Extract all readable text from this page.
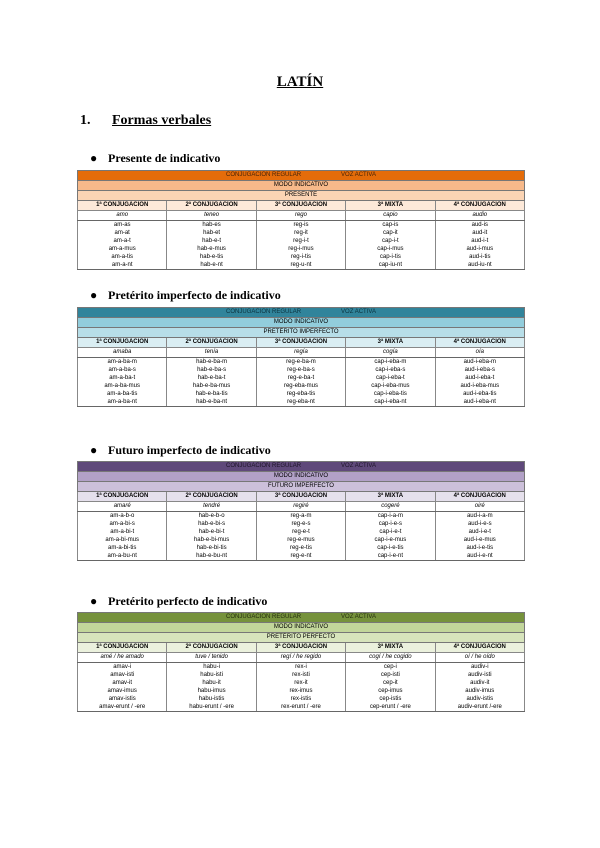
LATÍN
1. Formas verbales
● Presente de indicativo
CONJUGACIÓN REGULAR VOZ ACTIVA				
MODO INDICATIVO				
PRESENTE				
1ª CONJUGACIÓN	2ª CONJUGACIÓN	3ª CONJUGACIÓN	3ª MIXTA	4ª CONJUGACIÓN
amo	teneo	rego	capio	audio
am-as	hab-es	reg-is	cap-is	aud-is
am-at	hab-et	reg-it	cap-it	aud-it
am-a-t	hab-e-t	reg-i-t	cap-i-t	aud-i-t
am-a-mus	hab-e-mus	reg-i-mus	cap-i-mus	aud-i-mus
am-a-tis	hab-e-tis	reg-i-tis	cap-i-tis	aud-i-tis
am-a-nt	hab-e-nt	reg-u-nt	cap-iu-nt	aud-iu-nt
● Pretérito imperfecto de indicativo
CONJUGACIÓN REGULAR VOZ ACTIVA				
MODO INDICATIVO				
PRETÉRITO IMPERFECTO				
1ª CONJUGACIÓN	2ª CONJUGACIÓN	3ª CONJUGACIÓN	3ª MIXTA	4ª CONJUGACIÓN
amaba	tenía	regía	cogía	oía
am-a-ba-m	hab-e-ba-m	reg-e-ba-m	cap-i-eba-m	aud-i-eba-m
am-a-ba-s	hab-e-ba-s	reg-e-ba-s	cap-i-eba-s	aud-i-eba-s
am-a-ba-t	hab-e-ba-t	reg-e-ba-t	cap-i-eba-t	aud-i-eba-t
am-a-ba-mus	hab-e-ba-mus	reg-eba-mus	cap-i-eba-mus	aud-i-eba-mus
am-a-ba-tis	hab-e-ba-tis	reg-eba-tis	cap-i-eba-tis	aud-i-eba-tis
am-a-ba-nt	hab-e-ba-nt	reg-eba-nt	cap-i-eba-nt	aud-i-eba-nt
● Futuro imperfecto de indicativo
CONJUGACIÓN REGULAR VOZ ACTIVA				
MODO INDICATIVO				
FUTURO IMPERFECTO				
1ª CONJUGACIÓN	2ª CONJUGACIÓN	3ª CONJUGACIÓN	3ª MIXTA	4ª CONJUGACIÓN
amaré	tendré	regiré	cogeré	oiré
am-a-b-o	hab-e-b-o	reg-a-m	cap-i-a-m	aud-i-a-m
am-a-bi-s	hab-e-bi-s	reg-e-s	cap-i-e-s	aud-i-e-s
am-a-bi-t	hab-e-bi-t	reg-e-t	cap-i-e-t	aud-i-e-t
am-a-bi-mus	hab-e-bi-mus	reg-e-mus	cap-i-e-mus	aud-i-e-mus
am-a-bi-tis	hab-e-bi-tis	reg-e-tis	cap-i-e-tis	aud-i-e-tis
am-a-bu-nt	hab-e-bu-nt	reg-e-nt	cap-i-e-nt	aud-i-e-nt
● Pretérito perfecto de indicativo
CONJUGACIÓN REGULAR VOZ ACTIVA				
MODO INDICATIVO				
PRETÉRITO PERFECTO				
1ª CONJUGACIÓN	2ª CONJUGACIÓN	3ª CONJUGACIÓN	3ª MIXTA	4ª CONJUGACIÓN
amé / he amado	tuve / tenido	regí / he regido	cogí / he cogido	oí / he oído
amav-i	habu-i	rex-i	cep-i	audiv-i
amav-isti	habu-isti	rex-isti	cep-isti	audiv-isti
amav-it	habu-it	rex-it	cep-it	audiv-it
amav-imus	habu-imus	rex-imus	cep-imus	audiv-imus
amav-istis	habu-istis	rex-istis	cep-istis	audiv-istis
amav-erunt / -ere	habu-erunt / -ere	rex-erunt / -ere	cep-erunt / -ere	audiv-erunt /-ere
